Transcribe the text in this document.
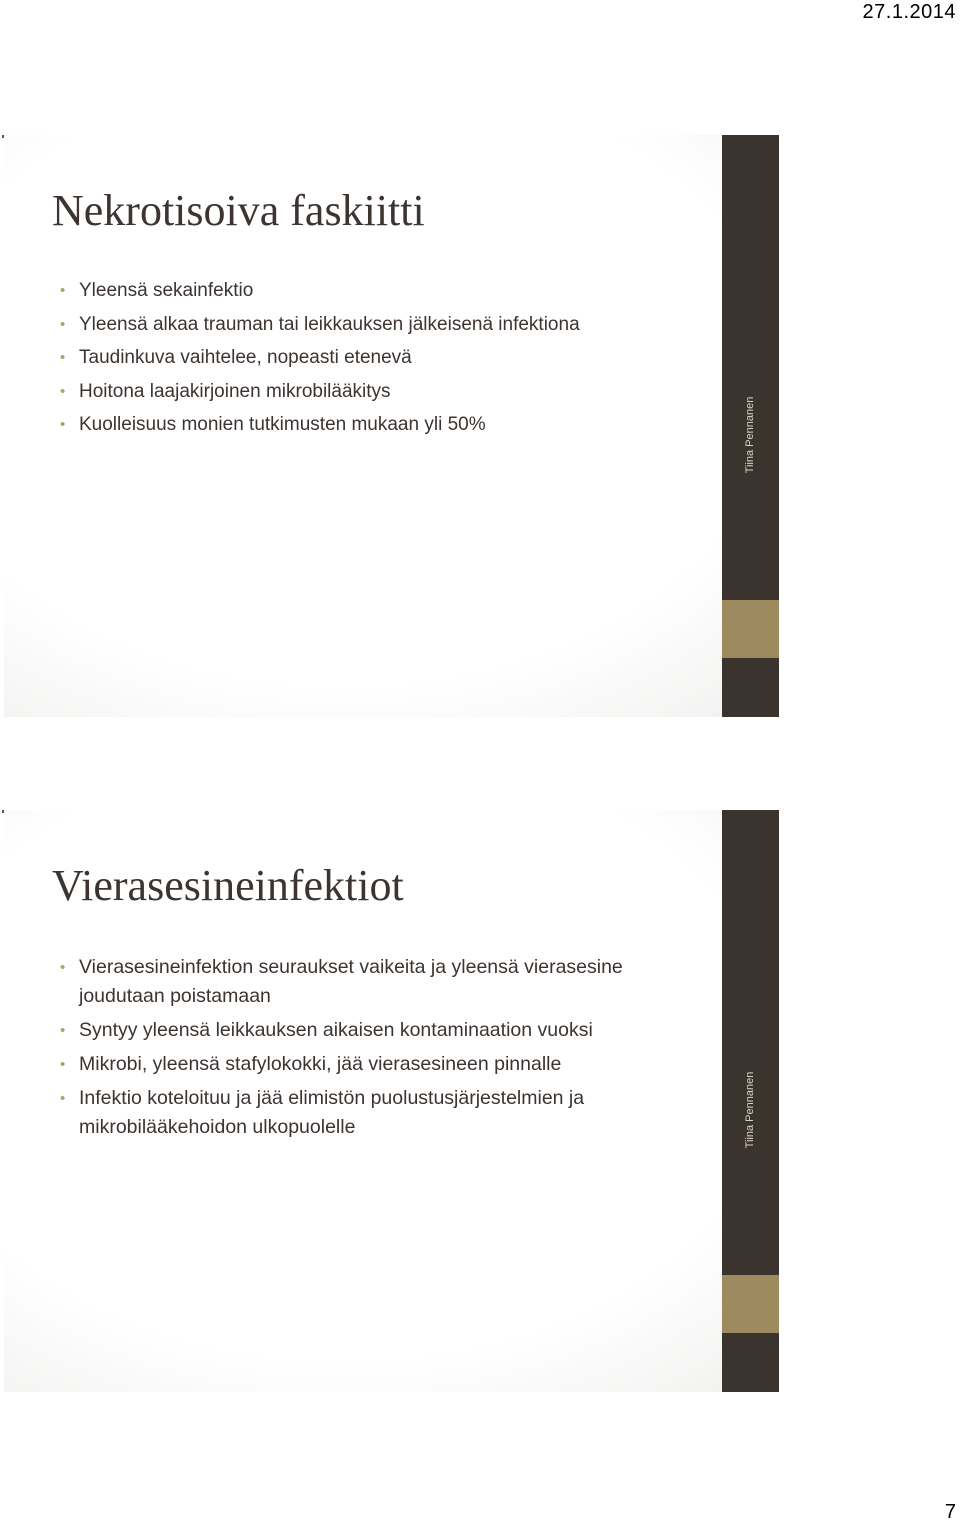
27.1.2014
Nekrotisoiva faskiitti
• Yleensä sekainfektio
• Yleensä alkaa trauman tai leikkauksen jälkeisenä infektiona
• Taudinkuva vaihtelee, nopeasti etenevä
• Hoitona laajakirjoinen mikrobilääkitys
• Kuolleisuus monien tutkimusten mukaan yli 50%	Tiina Pennanen
Vierasesineinfektiot
• Vierasesineinfektion seuraukset vaikeita ja yleensä vierasesine joudutaan poistamaan
• Syntyy yleensä leikkauksen aikaisen kontaminaation vuoksi
• Mikrobi, yleensä stafylokokki, jää vierasesineen pinnalle
• Infektio koteloituu ja jää elimistön puolustusjärjestelmien ja mikrobilääkehoidon ulkopuolelle	Tiina Pennanen
7
